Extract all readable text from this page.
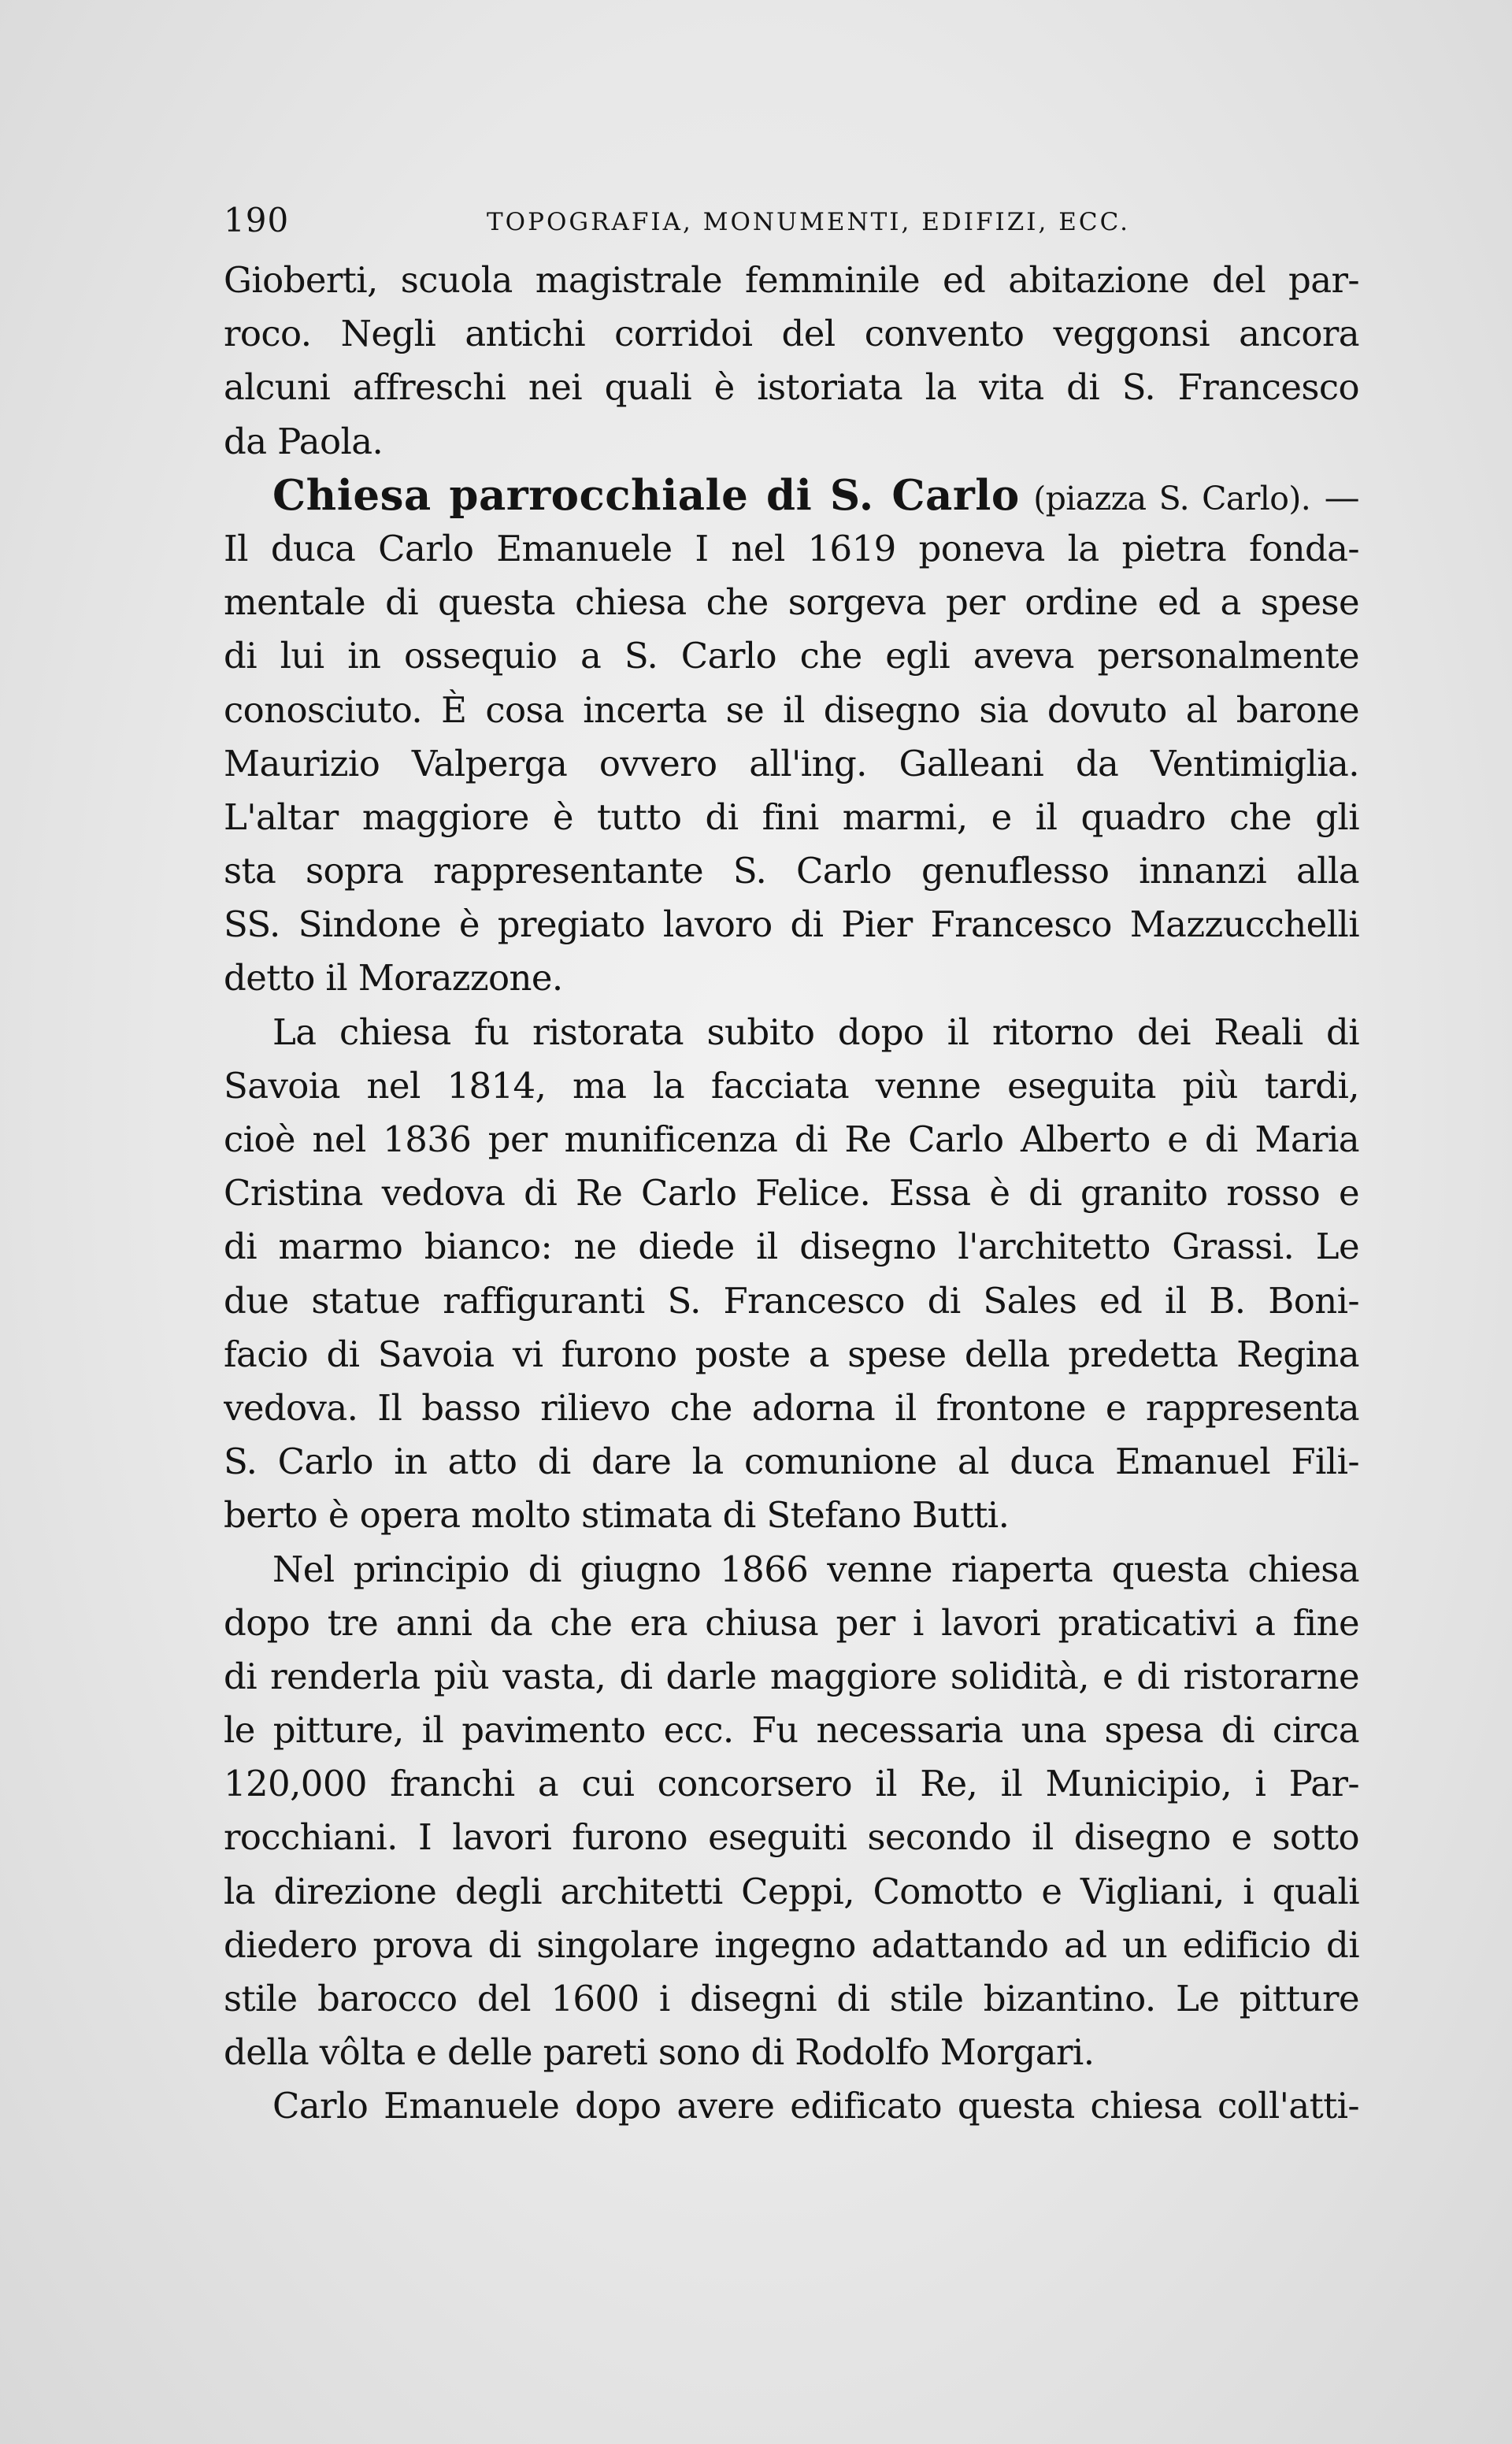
190	TOPOGRAFIA, MONUMENTI, EDIFIZI, ECC.
Gioberti, scuola magistrale femminile ed abitazione del par-
roco. Negli antichi corridoi del convento veggonsi ancora
alcuni affreschi nei quali è istoriata la vita di S. Francesco
da Paola.
Chiesa parrocchiale di S. Carlo (piazza S. Carlo). —
Il duca Carlo Emanuele I nel 1619 poneva la pietra fonda-
mentale di questa chiesa che sorgeva per ordine ed a spese
di lui in ossequio a S. Carlo che egli aveva personalmente
conosciuto. È cosa incerta se il disegno sia dovuto al barone
Maurizio Valperga ovvero all'ing. Galleani da Ventimiglia.
L'altar maggiore è tutto di fini marmi, e il quadro che gli
sta sopra rappresentante S. Carlo genuflesso innanzi alla
SS. Sindone è pregiato lavoro di Pier Francesco Mazzucchelli
detto il Morazzone.
La chiesa fu ristorata subito dopo il ritorno dei Reali di
Savoia nel 1814, ma la facciata venne eseguita più tardi,
cioè nel 1836 per munificenza di Re Carlo Alberto e di Maria
Cristina vedova di Re Carlo Felice. Essa è di granito rosso e
di marmo bianco: ne diede il disegno l'architetto Grassi. Le
due statue raffiguranti S. Francesco di Sales ed il B. Boni-
facio di Savoia vi furono poste a spese della predetta Regina
vedova. Il basso rilievo che adorna il frontone e rappresenta
S. Carlo in atto di dare la comunione al duca Emanuel Fili-
berto è opera molto stimata di Stefano Butti.
Nel principio di giugno 1866 venne riaperta questa chiesa
dopo tre anni da che era chiusa per i lavori praticativi a fine
di renderla più vasta, di darle maggiore solidità, e di ristorarne
le pitture, il pavimento ecc. Fu necessaria una spesa di circa
120,000 franchi a cui concorsero il Re, il Municipio, i Par-
rocchiani. I lavori furono eseguiti secondo il disegno e sotto
la direzione degli architetti Ceppi, Comotto e Vigliani, i quali
diedero prova di singolare ingegno adattando ad un edificio di
stile barocco del 1600 i disegni di stile bizantino. Le pitture
della vôlta e delle pareti sono di Rodolfo Morgari.
Carlo Emanuele dopo avere edificato questa chiesa coll'atti-
